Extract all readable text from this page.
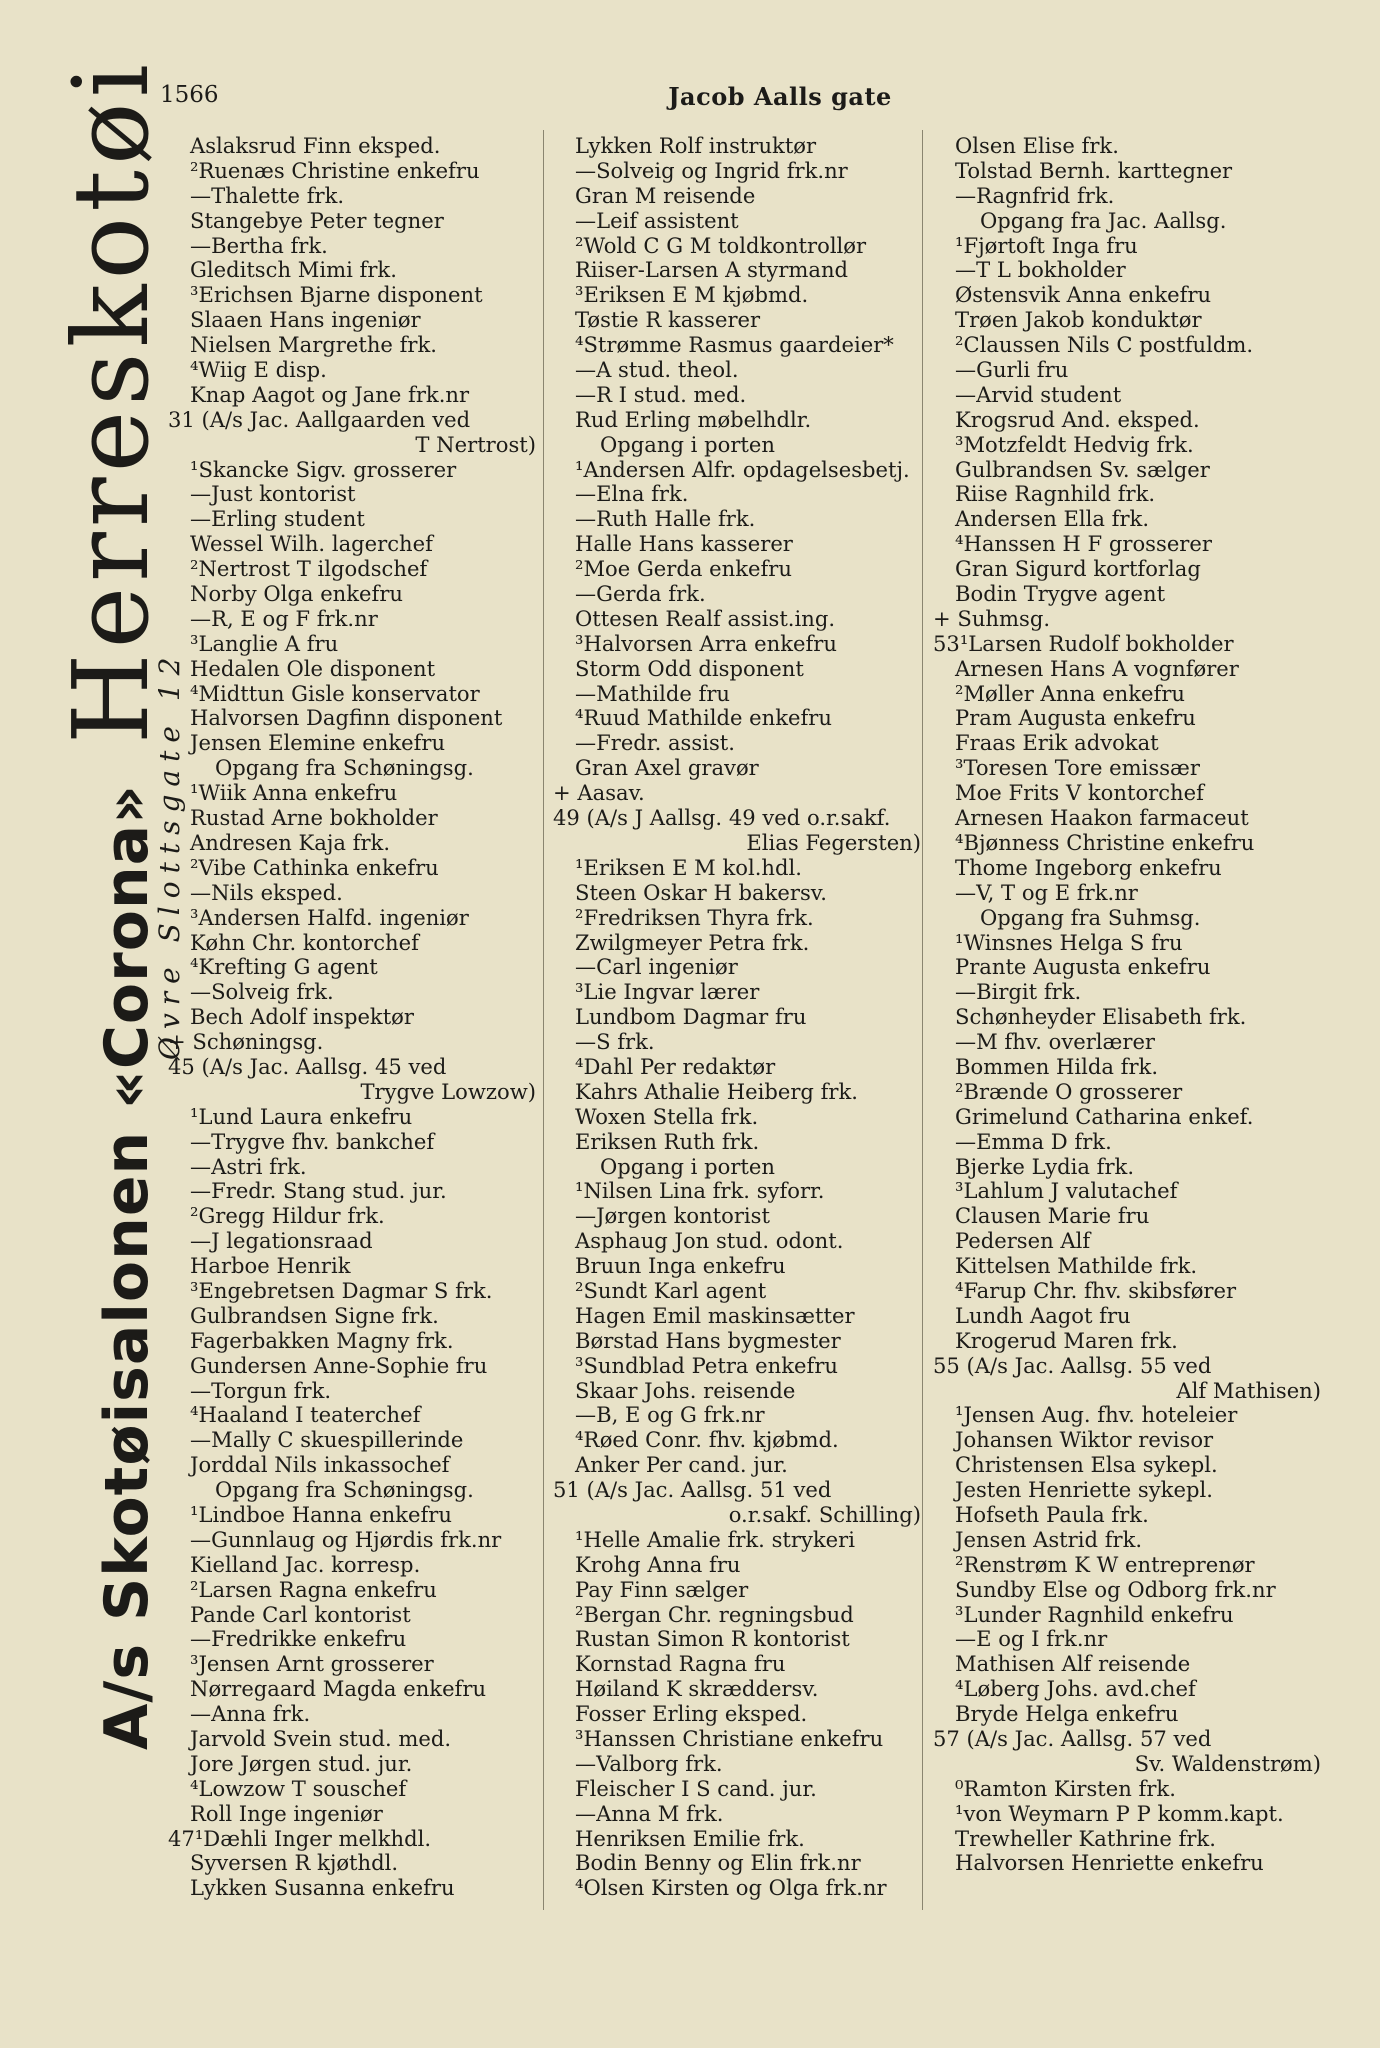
1566	Jacob Aalls gate
A/s Skotøisalonen «Corona»Herreskotøi
Øvre Slottsgate 12
Aslaksrud Finn eksped.
²Ruenæs Christine enkefru
—Thalette frk.
Stangebye Peter tegner
—Bertha frk.
Gleditsch Mimi frk.
³Erichsen Bjarne disponent
Slaaen Hans ingeniør
Nielsen Margrethe frk.
⁴Wiig E disp.
Knap Aagot og Jane frk.nr
31 (A/s Jac. Aallgaarden ved
T Nertrost)
¹Skancke Sigv. grosserer
—Just kontorist
—Erling student
Wessel Wilh. lagerchef
²Nertrost T ilgodschef
Norby Olga enkefru
—R, E og F frk.nr
³Langlie A fru
Hedalen Ole disponent
⁴Midttun Gisle konservator
Halvorsen Dagfinn disponent
Jensen Elemine enkefru
Opgang fra Schøningsg.
¹Wiik Anna enkefru
Rustad Arne bokholder
Andresen Kaja frk.
²Vibe Cathinka enkefru
—Nils eksped.
³Andersen Halfd. ingeniør
Køhn Chr. kontorchef
⁴Krefting G agent
—Solveig frk.
Bech Adolf inspektør
+ Schøningsg.
45 (A/s Jac. Aallsg. 45 ved
Trygve Lowzow)
¹Lund Laura enkefru
—Trygve fhv. bankchef
—Astri frk.
—Fredr. Stang stud. jur.
²Gregg Hildur frk.
—J legationsraad
Harboe Henrik
³Engebretsen Dagmar S frk.
Gulbrandsen Signe frk.
Fagerbakken Magny frk.
Gundersen Anne-Sophie fru
—Torgun frk.
⁴Haaland I teaterchef
—Mally C skuespillerinde
Jorddal Nils inkassochef
Opgang fra Schøningsg.
¹Lindboe Hanna enkefru
—Gunnlaug og Hjørdis frk.nr
Kielland Jac. korresp.
²Larsen Ragna enkefru
Pande Carl kontorist
—Fredrikke enkefru
³Jensen Arnt grosserer
Nørregaard Magda enkefru
—Anna frk.
Jarvold Svein stud. med.
Jore Jørgen stud. jur.
⁴Lowzow T souschef
Roll Inge ingeniør
47¹Dæhli Inger melkhdl.
Syversen R kjøthdl.
Lykken Susanna enkefru
Lykken Rolf instruktør
—Solveig og Ingrid frk.nr
Gran M reisende
—Leif assistent
²Wold C G M toldkontrollør
Riiser-Larsen A styrmand
³Eriksen E M kjøbmd.
Tøstie R kasserer
⁴Strømme Rasmus gaardeier*
—A stud. theol.
—R I stud. med.
Rud Erling møbelhdlr.
Opgang i porten
¹Andersen Alfr. opdagelsesbetj.
—Elna frk.
—Ruth Halle frk.
Halle Hans kasserer
²Moe Gerda enkefru
—Gerda frk.
Ottesen Realf assist.ing.
³Halvorsen Arra enkefru
Storm Odd disponent
—Mathilde fru
⁴Ruud Mathilde enkefru
—Fredr. assist.
Gran Axel gravør
+ Aasav.
49 (A/s J Aallsg. 49 ved o.r.sakf.
Elias Fegersten)
¹Eriksen E M kol.hdl.
Steen Oskar H bakersv.
²Fredriksen Thyra frk.
Zwilgmeyer Petra frk.
—Carl ingeniør
³Lie Ingvar lærer
Lundbom Dagmar fru
—S frk.
⁴Dahl Per redaktør
Kahrs Athalie Heiberg frk.
Woxen Stella frk.
Eriksen Ruth frk.
Opgang i porten
¹Nilsen Lina frk. syforr.
—Jørgen kontorist
Asphaug Jon stud. odont.
Bruun Inga enkefru
²Sundt Karl agent
Hagen Emil maskinsætter
Børstad Hans bygmester
³Sundblad Petra enkefru
Skaar Johs. reisende
—B, E og G frk.nr
⁴Røed Conr. fhv. kjøbmd.
Anker Per cand. jur.
51 (A/s Jac. Aallsg. 51 ved
o.r.sakf. Schilling)
¹Helle Amalie frk. strykeri
Krohg Anna fru
Pay Finn sælger
²Bergan Chr. regningsbud
Rustan Simon R kontorist
Kornstad Ragna fru
Høiland K skræddersv.
Fosser Erling eksped.
³Hanssen Christiane enkefru
—Valborg frk.
Fleischer I S cand. jur.
—Anna M frk.
Henriksen Emilie frk.
Bodin Benny og Elin frk.nr
⁴Olsen Kirsten og Olga frk.nr
Olsen Elise frk.
Tolstad Bernh. karttegner
—Ragnfrid frk.
Opgang fra Jac. Aallsg.
¹Fjørtoft Inga fru
—T L bokholder
Østensvik Anna enkefru
Trøen Jakob konduktør
²Claussen Nils C postfuldm.
—Gurli fru
—Arvid student
Krogsrud And. eksped.
³Motzfeldt Hedvig frk.
Gulbrandsen Sv. sælger
Riise Ragnhild frk.
Andersen Ella frk.
⁴Hanssen H F grosserer
Gran Sigurd kortforlag
Bodin Trygve agent
+ Suhmsg.
53¹Larsen Rudolf bokholder
Arnesen Hans A vognfører
²Møller Anna enkefru
Pram Augusta enkefru
Fraas Erik advokat
³Toresen Tore emissær
Moe Frits V kontorchef
Arnesen Haakon farmaceut
⁴Bjønness Christine enkefru
Thome Ingeborg enkefru
—V, T og E frk.nr
Opgang fra Suhmsg.
¹Winsnes Helga S fru
Prante Augusta enkefru
—Birgit frk.
Schønheyder Elisabeth frk.
—M fhv. overlærer
Bommen Hilda frk.
²Brænde O grosserer
Grimelund Catharina enkef.
—Emma D frk.
Bjerke Lydia frk.
³Lahlum J valutachef
Clausen Marie fru
Pedersen Alf
Kittelsen Mathilde frk.
⁴Farup Chr. fhv. skibsfører
Lundh Aagot fru
Krogerud Maren frk.
55 (A/s Jac. Aallsg. 55 ved
Alf Mathisen)
¹Jensen Aug. fhv. hoteleier
Johansen Wiktor revisor
Christensen Elsa sykepl.
Jesten Henriette sykepl.
Hofseth Paula frk.
Jensen Astrid frk.
²Renstrøm K W entreprenør
Sundby Else og Odborg frk.nr
³Lunder Ragnhild enkefru
—E og I frk.nr
Mathisen Alf reisende
⁴Løberg Johs. avd.chef
Bryde Helga enkefru
57 (A/s Jac. Aallsg. 57 ved
Sv. Waldenstrøm)
⁰Ramton Kirsten frk.
¹von Weymarn P P komm.kapt.
Trewheller Kathrine frk.
Halvorsen Henriette enkefru
